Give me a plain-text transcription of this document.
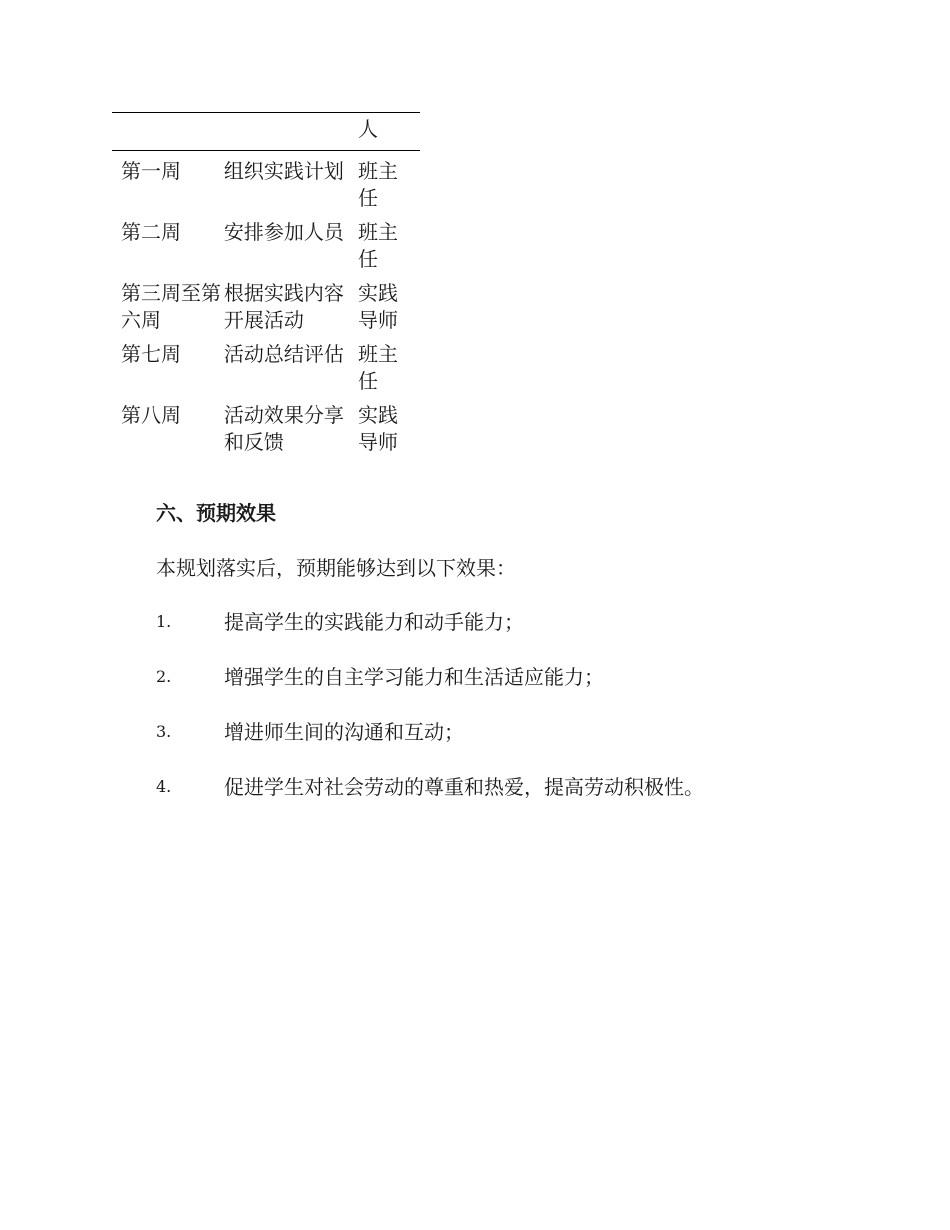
		人
第一周	组织实践计划	班主任
第二周	安排参加人员	班主任
第三周至第六周	根据实践内容开展活动	实践导师
第七周	活动总结评估	班主任
第八周	活动效果分享和反馈	实践导师
六、预期效果

本规划落实后，预期能够达到以下效果：

1.	提高学生的实践能力和动手能力；
2.	增强学生的自主学习能力和生活适应能力；
3.	增进师生间的沟通和互动；
4.	促进学生对社会劳动的尊重和热爱，提高劳动积极性。
